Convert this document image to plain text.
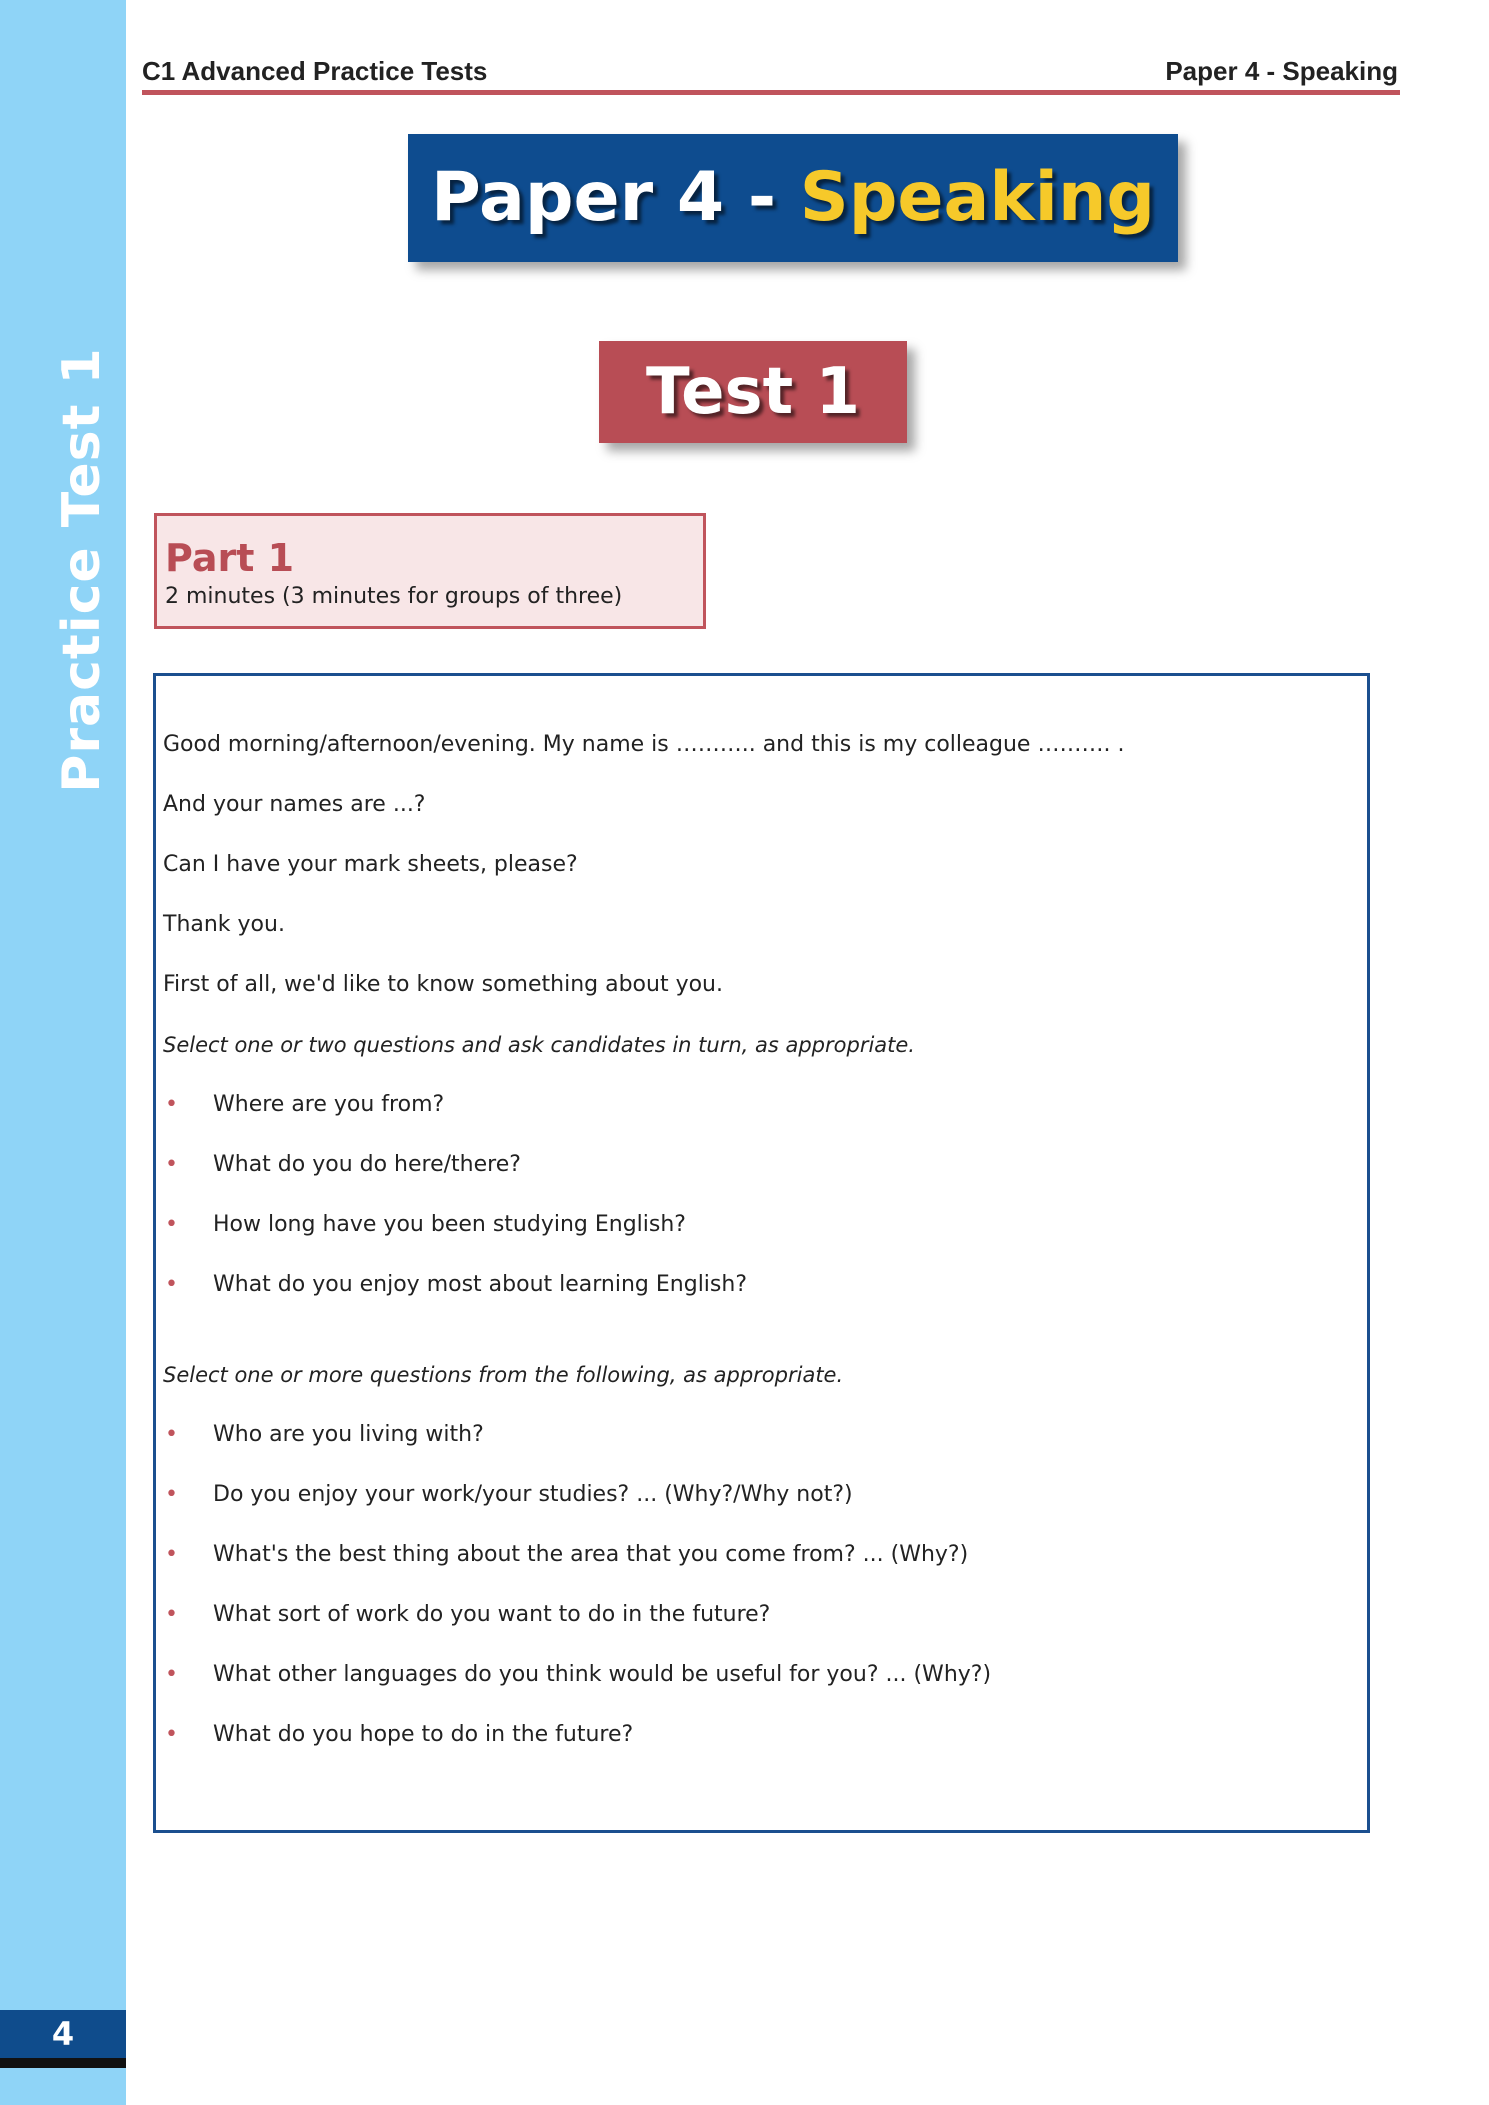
Practice Test 1
4
C1 Advanced Practice Tests	Paper 4 - Speaking
Paper 4 - Speaking
Test 1
Part 1
2 minutes (3 minutes for groups of three)
Good morning/afternoon/evening. My name is ……….. and this is my colleague ………. .
And your names are ...?
Can I have your mark sheets, please?
Thank you.
First of all, we'd like to know something about you.
Select one or two questions and ask candidates in turn, as appropriate.
• Where are you from?
• What do you do here/there?
• How long have you been studying English?
• What do you enjoy most about learning English?
Select one or more questions from the following, as appropriate.
• Who are you living with?
• Do you enjoy your work/your studies? ... (Why?/Why not?)
• What's the best thing about the area that you come from? ... (Why?)
• What sort of work do you want to do in the future?
• What other languages do you think would be useful for you? ... (Why?)
• What do you hope to do in the future?
